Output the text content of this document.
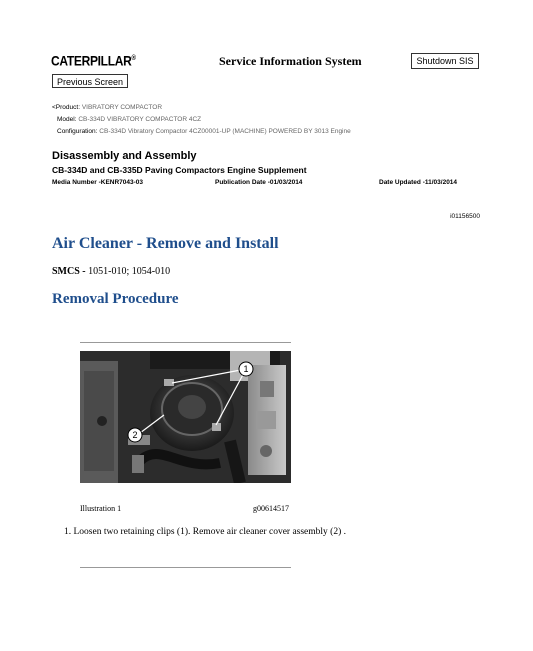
CATERPILLAR®	Service Information System	Shutdown SIS
Previous Screen
<Product: VIBRATORY COMPACTOR
Model: CB-334D VIBRATORY COMPACTOR 4CZ
Configuration: CB-334D Vibratory Compactor 4CZ00001-UP (MACHINE) POWERED BY 3013 Engine
Disassembly and Assembly
CB-334D and CB-335D Paving Compactors Engine Supplement
Media Number -KENR7043-03	Publication Date -01/03/2014	Date Updated -11/03/2014
i01156500
Air Cleaner - Remove and Install
SMCS - 1051-010; 1054-010
Removal Procedure
1
2
Illustration 1	g00614517
1. Loosen two retaining clips (1). Remove air cleaner cover assembly (2) .
